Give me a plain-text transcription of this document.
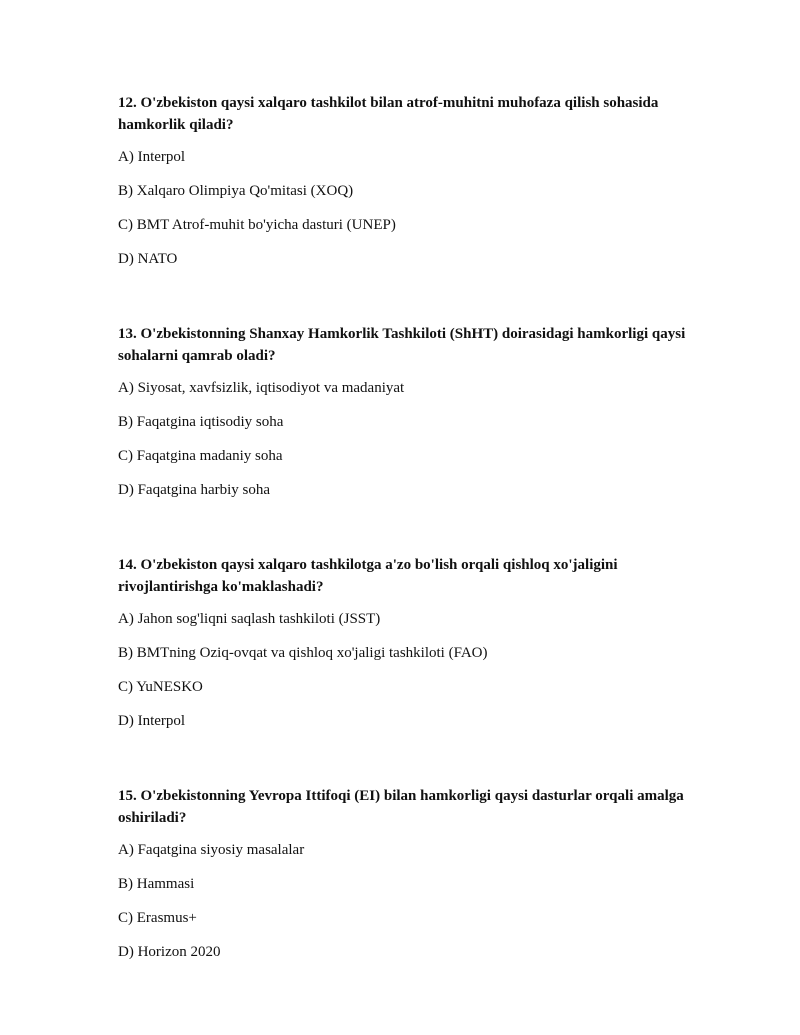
12. O'zbekiston qaysi xalqaro tashkilot bilan atrof-muhitni muhofaza qilish sohasida hamkorlik qiladi?

A) Interpol

B) Xalqaro Olimpiya Qo'mitasi (XOQ)

C) BMT Atrof-muhit bo'yicha dasturi (UNEP)

D) NATO

13. O'zbekistonning Shanxay Hamkorlik Tashkiloti (ShHT) doirasidagi hamkorligi qaysi sohalarni qamrab oladi?

A) Siyosat, xavfsizlik, iqtisodiyot va madaniyat

B) Faqatgina iqtisodiy soha

C) Faqatgina madaniy soha

D) Faqatgina harbiy soha

14. O'zbekiston qaysi xalqaro tashkilotga a'zo bo'lish orqali qishloq xo'jaligini rivojlantirishga ko'maklashadi?

A) Jahon sog'liqni saqlash tashkiloti (JSST)

B) BMTning Oziq-ovqat va qishloq xo'jaligi tashkiloti (FAO)

C) YuNESKO

D) Interpol

15. O'zbekistonning Yevropa Ittifoqi (EI) bilan hamkorligi qaysi dasturlar orqali amalga oshiriladi?

A) Faqatgina siyosiy masalalar

B) Hammasi

C) Erasmus+

D) Horizon 2020
